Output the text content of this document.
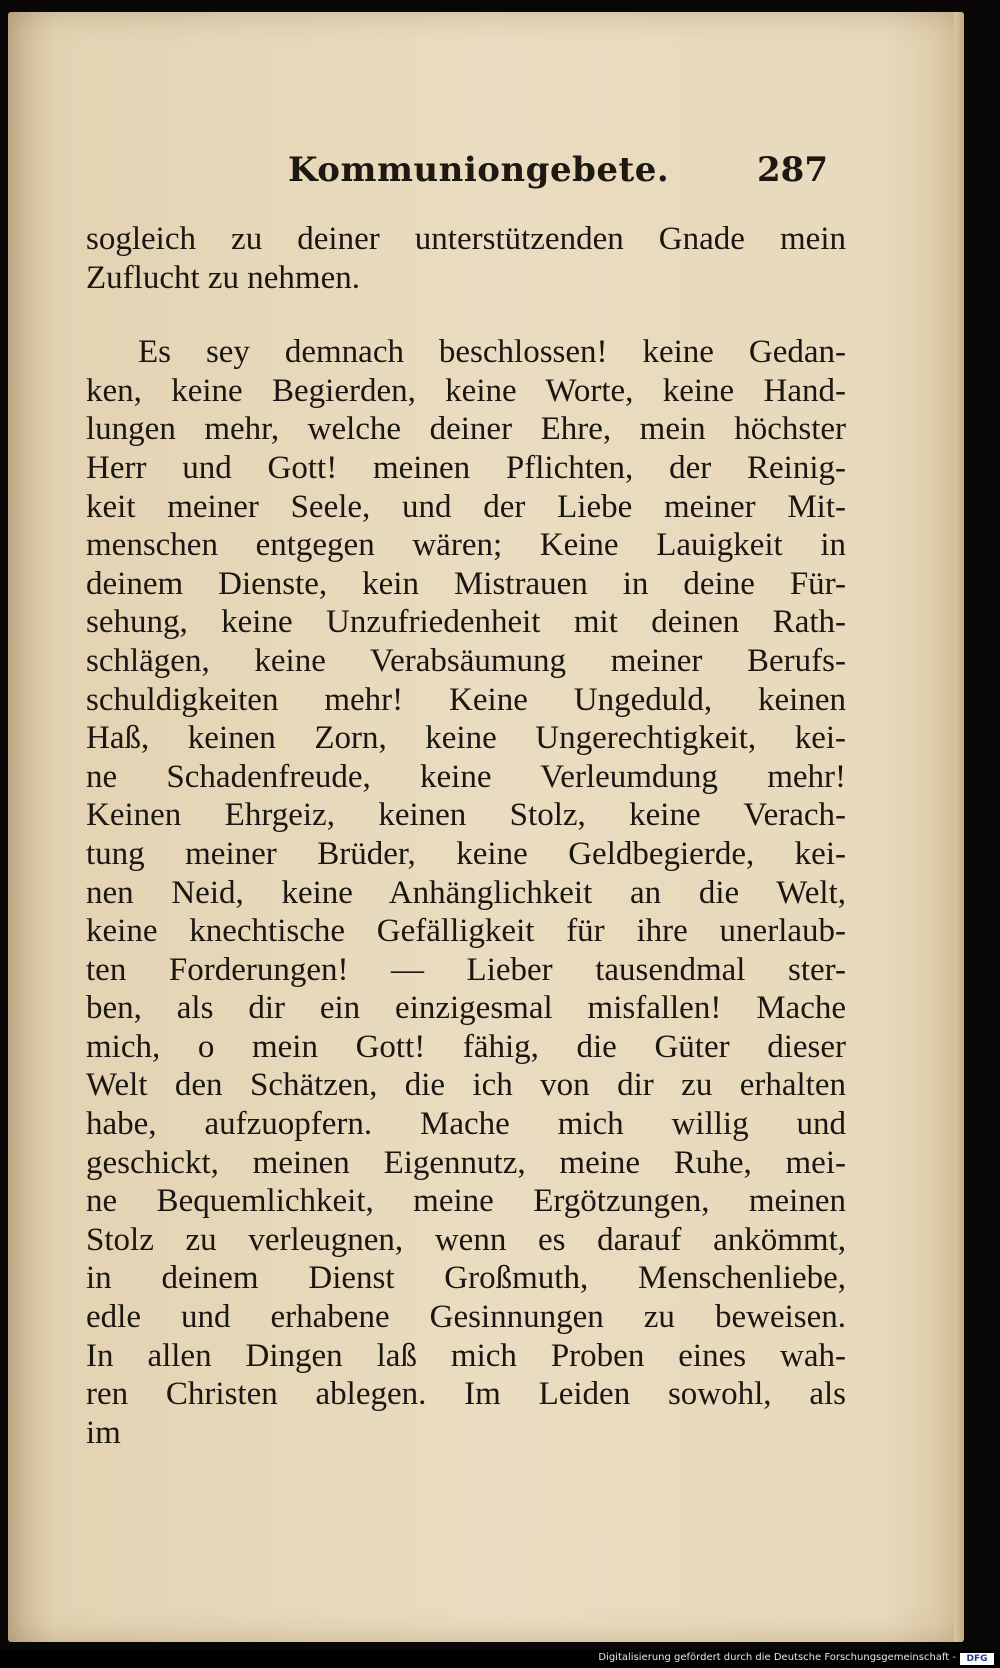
Kommuniongebete.	287
sogleich zu deiner unterstützenden Gnade mein
Zuflucht zu nehmen.
Es sey demnach beschlossen! keine Gedan-
ken, keine Begierden, keine Worte, keine Hand-
lungen mehr, welche deiner Ehre, mein höchster
Herr und Gott! meinen Pflichten, der Reinig-
keit meiner Seele, und der Liebe meiner Mit-
menschen entgegen wären; Keine Lauigkeit in
deinem Dienste, kein Mistrauen in deine Für-
sehung, keine Unzufriedenheit mit deinen Rath-
schlägen, keine Verabsäumung meiner Berufs-
schuldigkeiten mehr! Keine Ungeduld, keinen
Haß, keinen Zorn, keine Ungerechtigkeit, kei-
ne Schadenfreude, keine Verleumdung mehr!
Keinen Ehrgeiz, keinen Stolz, keine Verach-
tung meiner Brüder, keine Geldbegierde, kei-
nen Neid, keine Anhänglichkeit an die Welt,
keine knechtische Gefälligkeit für ihre unerlaub-
ten Forderungen! — Lieber tausendmal ster-
ben, als dir ein einzigesmal misfallen! Mache
mich, o mein Gott! fähig, die Güter dieser
Welt den Schätzen, die ich von dir zu erhalten
habe, aufzuopfern. Mache mich willig und
geschickt, meinen Eigennutz, meine Ruhe, mei-
ne Bequemlichkeit, meine Ergötzungen, meinen
Stolz zu verleugnen, wenn es darauf ankömmt,
in deinem Dienst Großmuth, Menschenliebe,
edle und erhabene Gesinnungen zu beweisen.
In allen Dingen laß mich Proben eines wah-
ren Christen ablegen. Im Leiden sowohl, als
im
Digitalisierung gefördert durch die Deutsche Forschungsgemeinschaft -	DFG
